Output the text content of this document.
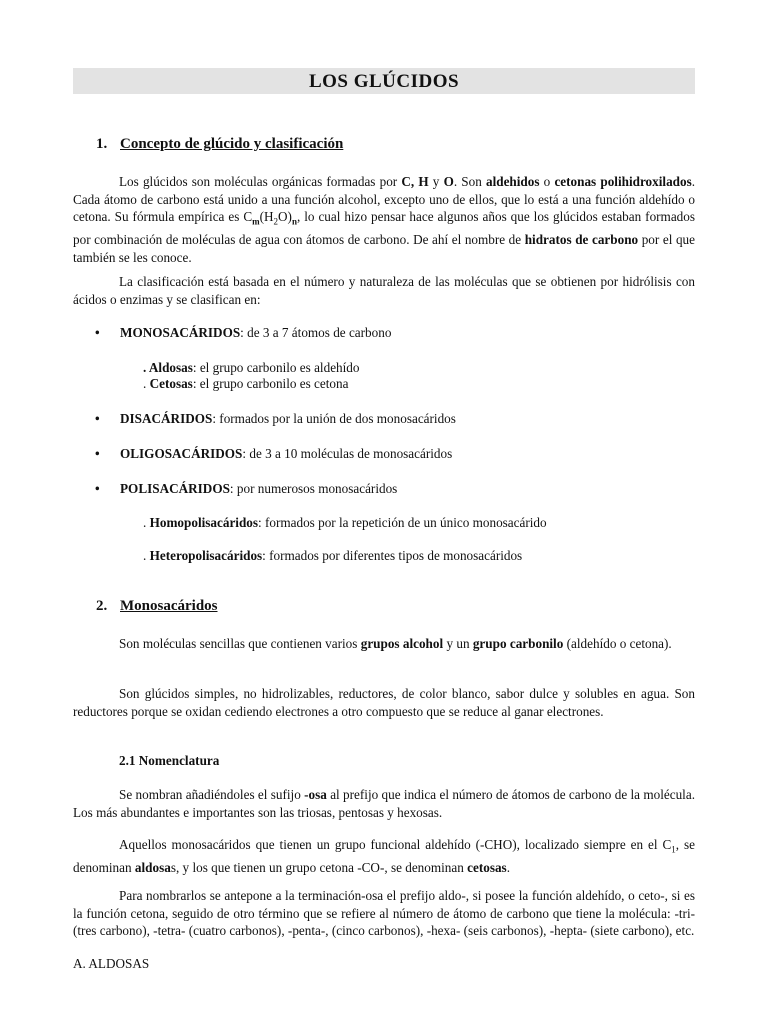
LOS GLÚCIDOS
1. Concepto de glúcido y clasificación
Los glúcidos son moléculas orgánicas formadas por C, H y O. Son aldehidos o cetonas polihidroxilados. Cada átomo de carbono está unido a una función alcohol, excepto uno de ellos, que lo está a una función aldehído o cetona. Su fórmula empírica es $C_m(H_2O)_n$, lo cual hizo pensar hace algunos años que los glúcidos estaban formados por combinación de moléculas de agua con átomos de carbono. De ahí el nombre de hidratos de carbono por el que también se les conoce.
La clasificación está basada en el número y naturaleza de las moléculas que se obtienen por hidrólisis con ácidos o enzimas y se clasifican en:
• MONOSACÁRIDOS: de 3 a 7 átomos de carbono
. Aldosas: el grupo carbonilo es aldehído
. Cetosas: el grupo carbonilo es cetona
• DISACÁRIDOS: formados por la unión de dos monosacáridos
• OLIGOSACÁRIDOS: de 3 a 10 moléculas de monosacáridos
• POLISACÁRIDOS: por numerosos monosacáridos
. Homopolisacáridos: formados por la repetición de un único monosacárido
. Heteropolisacáridos: formados por diferentes tipos de monosacáridos
2. Monosacáridos
Son moléculas sencillas que contienen varios grupos alcohol y un grupo carbonilo (aldehído o cetona).
Son glúcidos simples, no hidrolizables, reductores, de color blanco, sabor dulce y solubles en agua. Son reductores porque se oxidan cediendo electrones a otro compuesto que se reduce al ganar electrones.
2.1 Nomenclatura
Se nombran añadiéndoles el sufijo -osa al prefijo que indica el número de átomos de carbono de la molécula. Los más abundantes e importantes son las triosas, pentosas y hexosas.
Aquellos monosacáridos que tienen un grupo funcional aldehído (-CHO), localizado siempre en el $C_1$, se denominan aldosas, y los que tienen un grupo cetona -CO-, se denominan cetosas.
Para nombrarlos se antepone a la terminación-osa el prefijo aldo-, si posee la función aldehído, o ceto-, si es la función cetona, seguido de otro término que se refiere al número de átomo de carbono que tiene la molécula: -tri- (tres carbono), -tetra- (cuatro carbonos), -penta-, (cinco carbonos), -hexa- (seis carbonos), -hepta- (siete carbono), etc.
A. ALDOSAS
